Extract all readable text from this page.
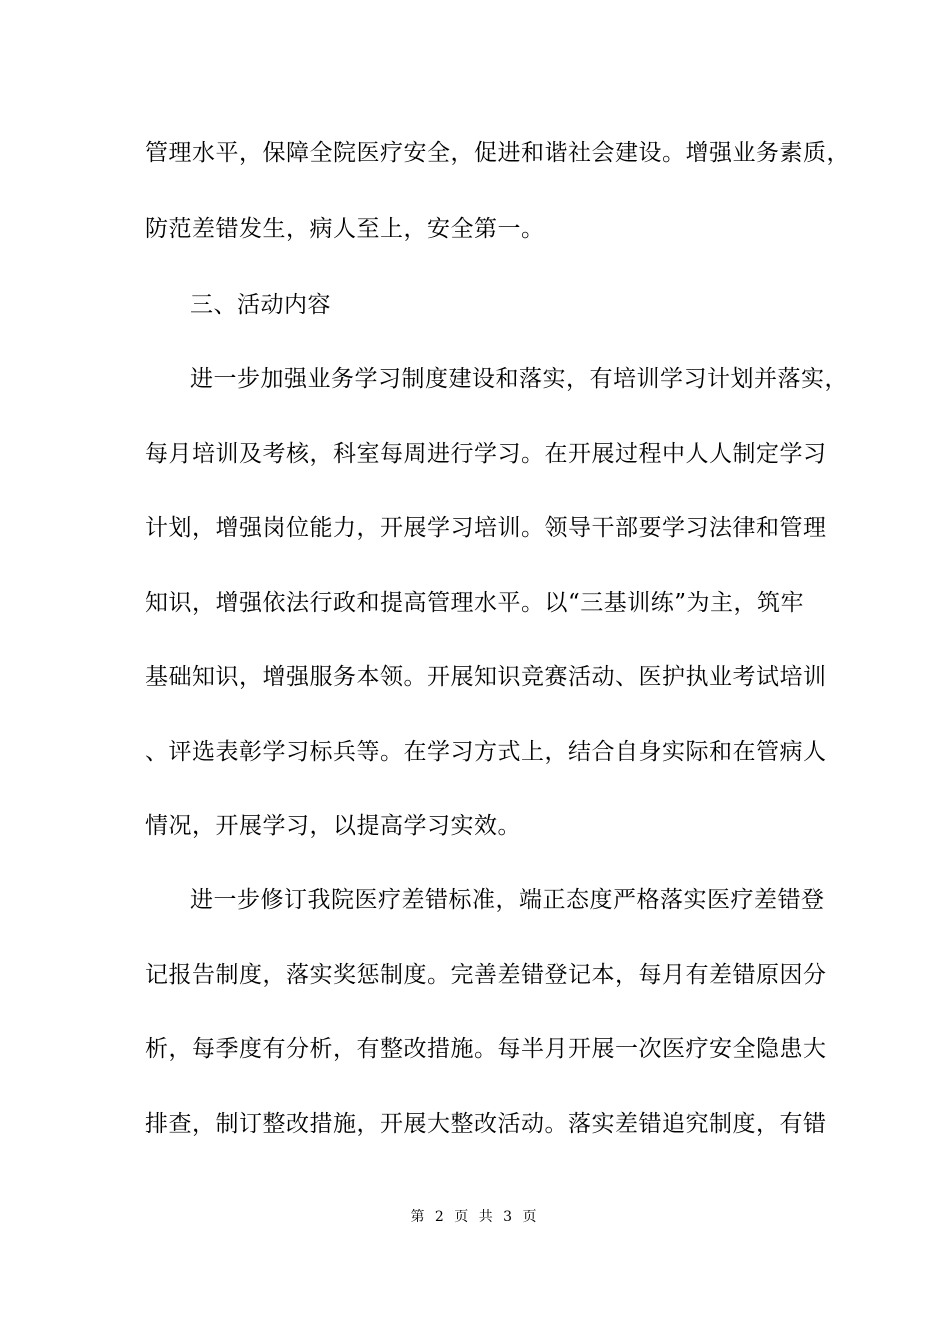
管理水平，保障全院医疗安全，促进和谐社会建设。增强业务素质，
防范差错发生，病人至上，安全第一。
三、活动内容
进一步加强业务学习制度建设和落实，有培训学习计划并落实，
每月培训及考核，科室每周进行学习。在开展过程中人人制定学习
计划，增强岗位能力，开展学习培训。领导干部要学习法律和管理
知识，增强依法行政和提高管理水平。以“三基训练”为主，筑牢
基础知识，增强服务本领。开展知识竞赛活动、医护执业考试培训
、评选表彰学习标兵等。在学习方式上，结合自身实际和在管病人
情况，开展学习，以提高学习实效。
进一步修订我院医疗差错标准，端正态度严格落实医疗差错登
记报告制度，落实奖惩制度。完善差错登记本，每月有差错原因分
析，每季度有分析，有整改措施。每半月开展一次医疗安全隐患大
排查，制订整改措施，开展大整改活动。落实差错追究制度，有错
第 2 页 共 3 页
